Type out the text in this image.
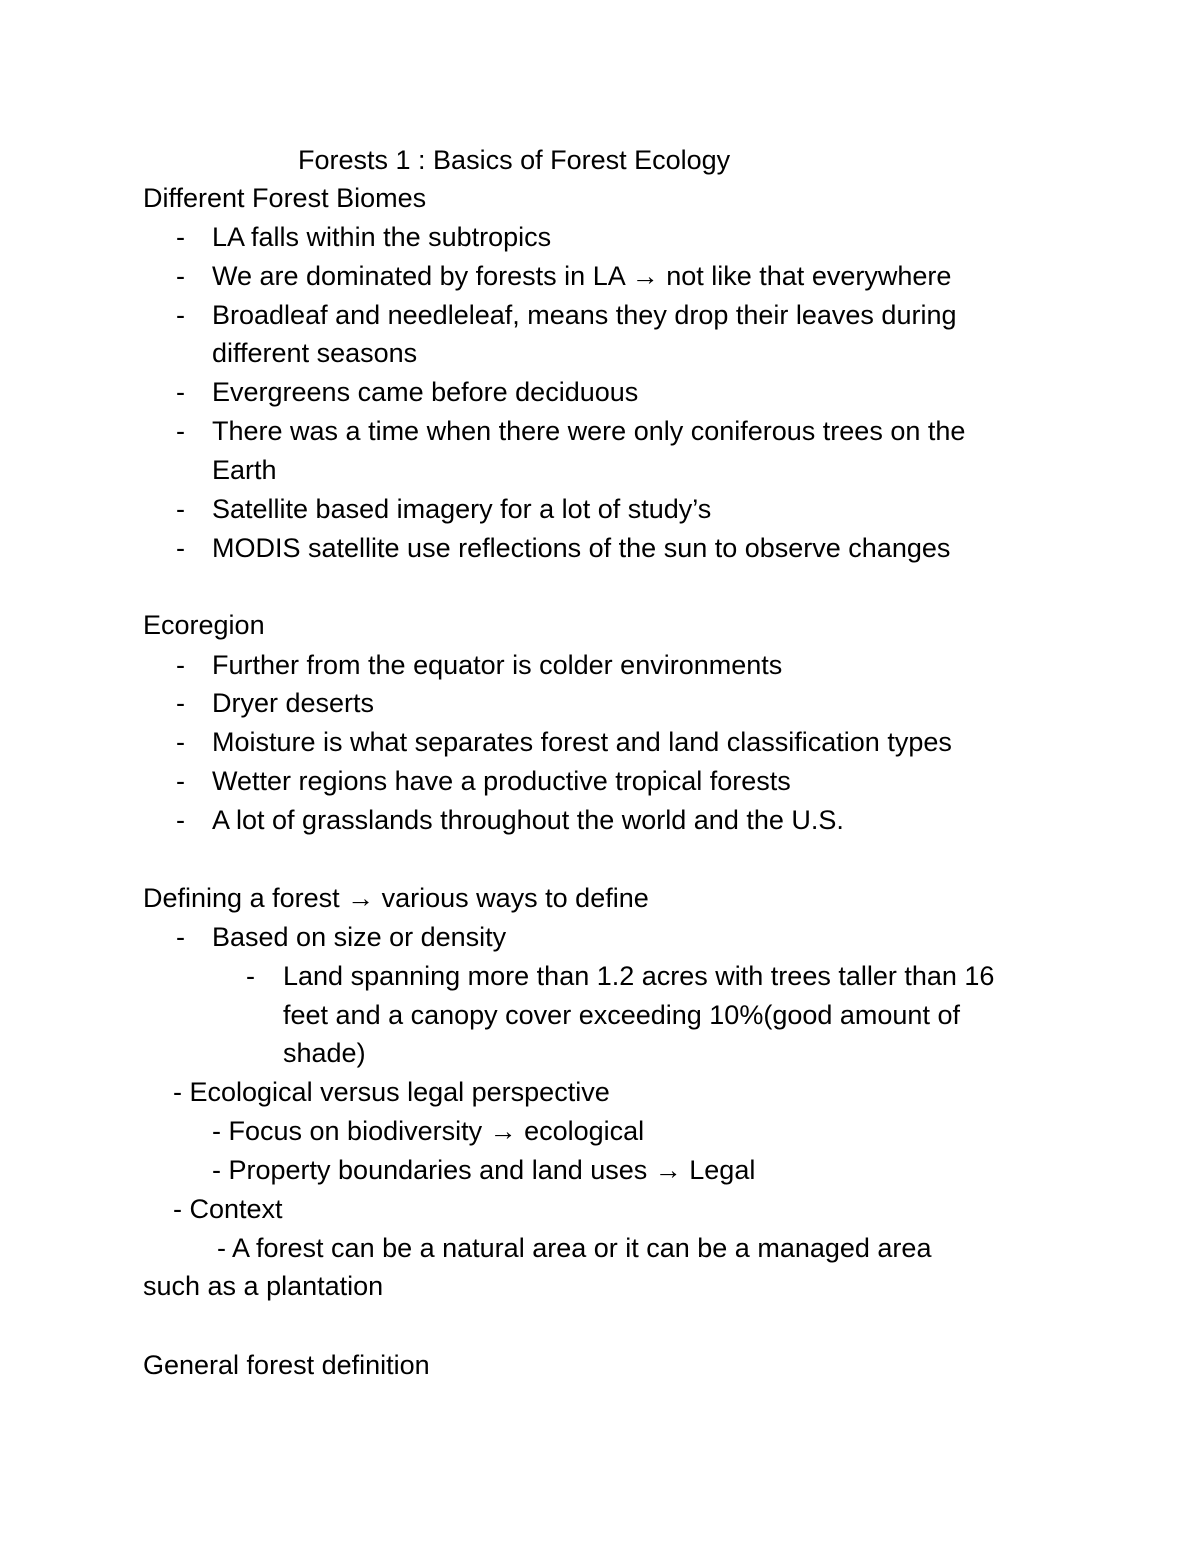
Forests 1 : Basics of Forest Ecology
Different Forest Biomes
- LA falls within the subtropics
- We are dominated by forests in LA → not like that everywhere
- Broadleaf and needleleaf, means they drop their leaves during
different seasons
- Evergreens came before deciduous
- There was a time when there were only coniferous trees on the
Earth
- Satellite based imagery for a lot of study’s
- MODIS satellite use reflections of the sun to observe changes
Ecoregion
- Further from the equator is colder environments
- Dryer deserts
- Moisture is what separates forest and land classification types
- Wetter regions have a productive tropical forests
- A lot of grasslands throughout the world and the U.S.
Defining a forest → various ways to define
- Based on size or density
- Land spanning more than 1.2 acres with trees taller than 16
feet and a canopy cover exceeding 10%(good amount of
shade)
- Ecological versus legal perspective
- Focus on biodiversity → ecological
- Property boundaries and land uses → Legal
- Context
- A forest can be a natural area or it can be a managed area
such as a plantation
General forest definition
